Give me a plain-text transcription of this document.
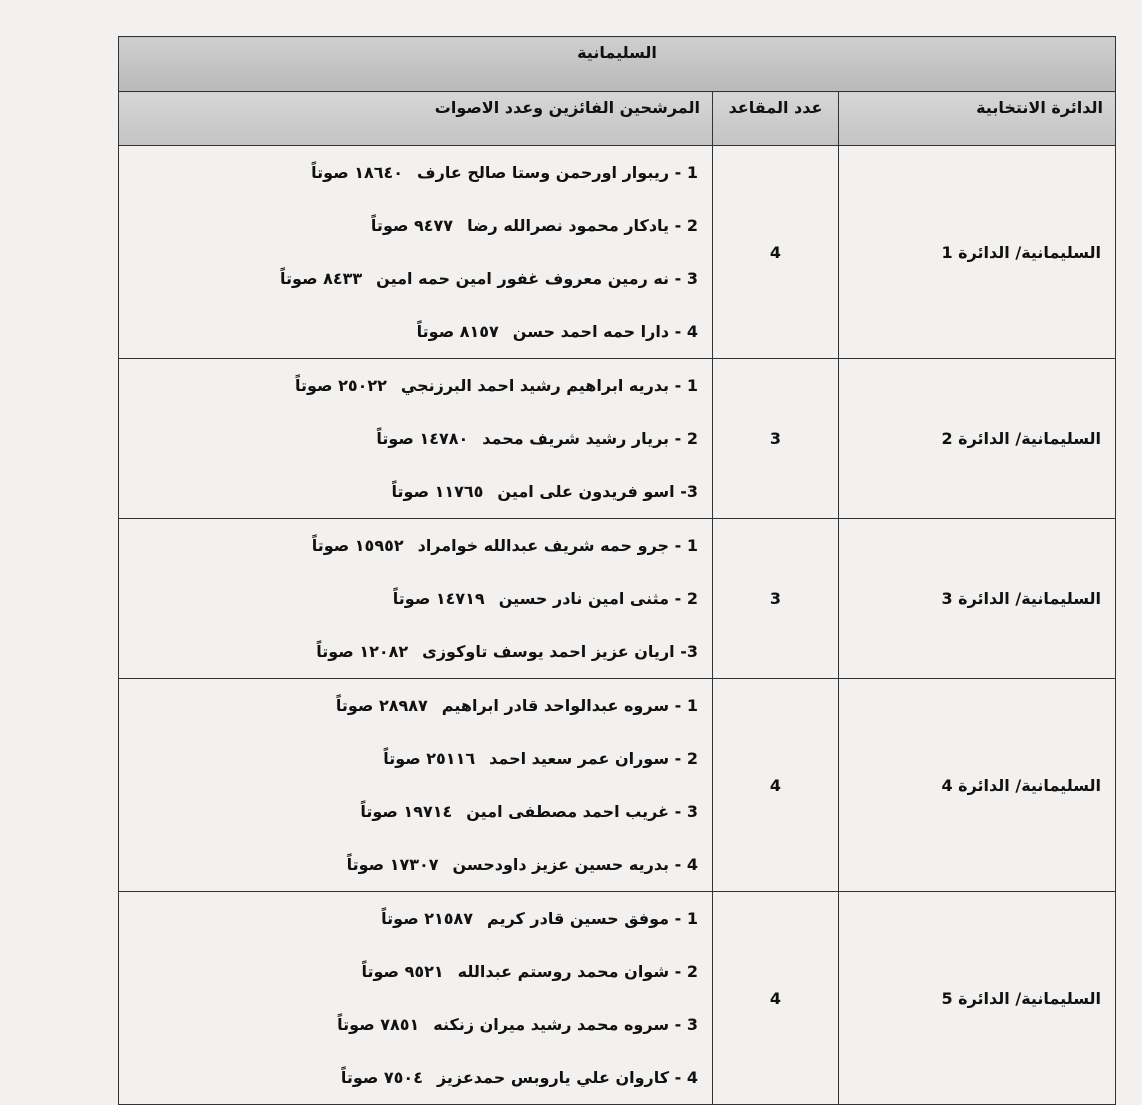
السليمانية		
المرشحين الفائزين وعدد الاصوات	عدد المقاعد	الدائرة الانتخابية

1 - ريبوار اورحمن وستا صالح عارف١٨٦٤٠ صوتاً
2 - يادكار محمود نصرالله رضا٩٤٧٧ صوتاً
3 - نه رمين معروف غفور امين حمه امين٨٤٣٣ صوتاً
4 - دارا حمه احمد حسن٨١٥٧ صوتاً	4	السليمانية/ الدائرة 1

1 - بدريه ابراهيم رشيد احمد البرزنجي٢٥٠٢٢ صوتاً
2 - بريار رشيد شريف محمد١٤٧٨٠ صوتاً
3- اسو فريدون على امين١١٧٦٥ صوتاً	3	السليمانية/ الدائرة 2

1 - جرو حمه شريف عبدالله خوامراد١٥٩٥٢ صوتاً
2 - مثنى امين نادر حسين١٤٧١٩ صوتاً
3- اريان عزيز احمد يوسف تاوكوزى١٢٠٨٢ صوتاً	3	السليمانية/ الدائرة 3

1 - سروه عبدالواحد قادر ابراهيم٢٨٩٨٧ صوتاً
2 - سوران عمر سعيد احمد٢٥١١٦ صوتاً
3 - غريب احمد مصطفى امين١٩٧١٤ صوتاً
4 - بدريه حسين عزيز داودحسن١٧٣٠٧ صوتاً	4	السليمانية/ الدائرة 4

1 - موفق حسين قادر كريم٢١٥٨٧ صوتاً
2 - شوان محمد روستم عبدالله٩٥٢١ صوتاً
3 - سروه محمد رشيد ميران زنكنه٧٨٥١ صوتاً
4 - كاروان علي ياروبس حمدعزيز٧٥٠٤ صوتاً	4	السليمانية/ الدائرة 5
